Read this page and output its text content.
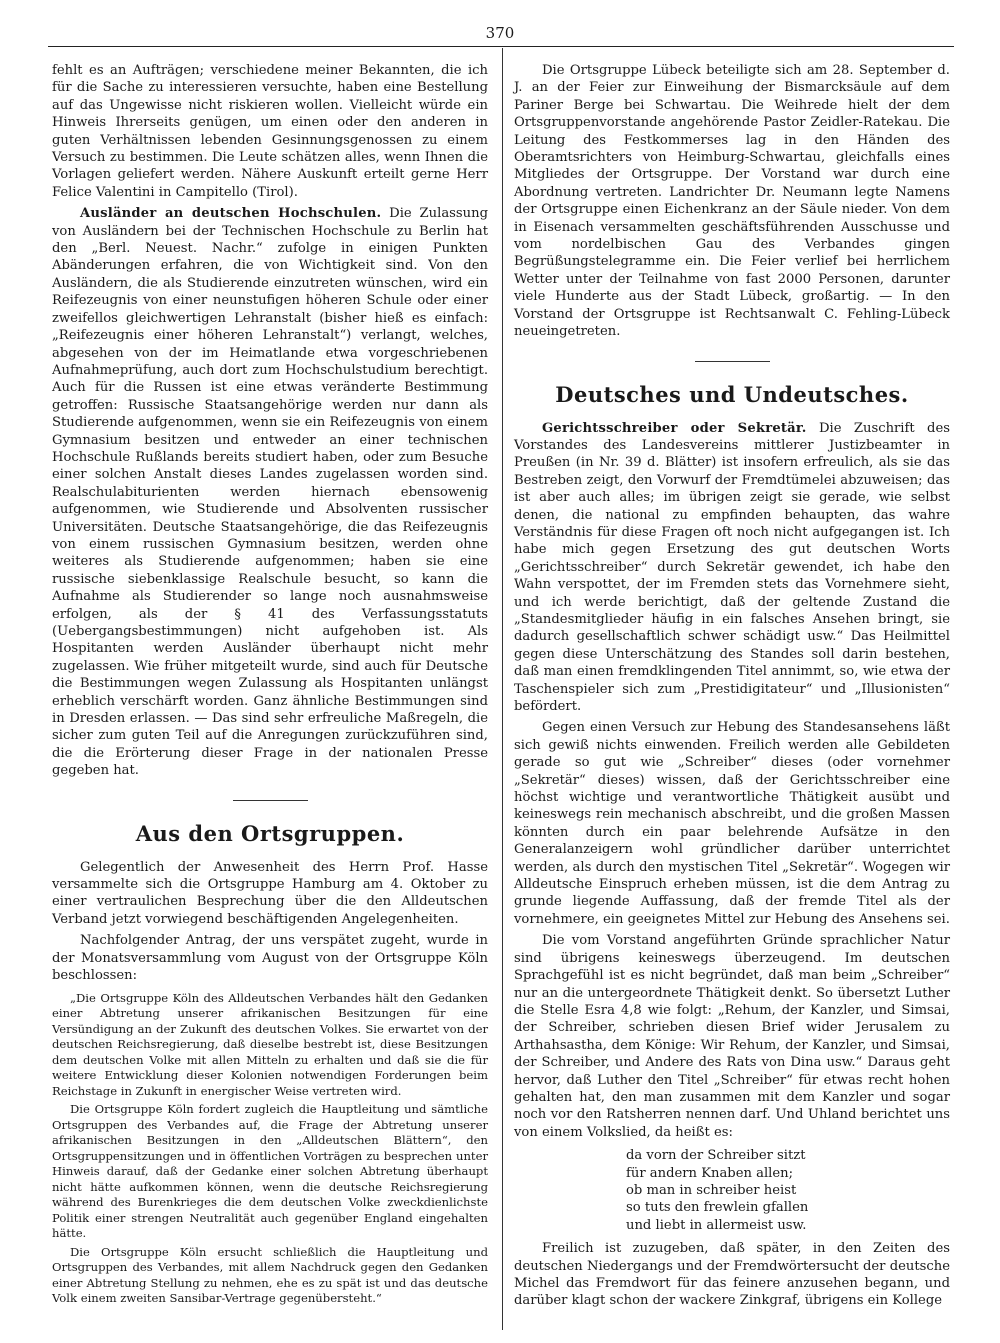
370

fehlt es an Aufträgen; verschiedene meiner Bekannten, die ich für die Sache zu interessieren versuchte, haben eine Bestellung auf das Ungewisse nicht riskieren wollen. Vielleicht würde ein Hinweis Ihrerseits genügen, um einen oder den anderen in guten Verhältnissen lebenden Gesinnungsgenossen zu einem Versuch zu bestimmen. Die Leute schätzen alles, wenn Ihnen die Vorlagen geliefert werden. Nähere Auskunft erteilt gerne Herr Felice Valentini in Campitello (Tirol).

Ausländer an deutschen Hochschulen. Die Zulassung von Ausländern bei der Technischen Hochschule zu Berlin hat den „Berl. Neuest. Nachr.“ zufolge in einigen Punkten Abänderungen erfahren, die von Wichtigkeit sind. Von den Ausländern, die als Studierende einzutreten wünschen, wird ein Reifezeugnis von einer neunstufigen höheren Schule oder einer zweifellos gleichwertigen Lehranstalt (bisher hieß es einfach: „Reifezeugnis einer höheren Lehranstalt“) verlangt, welches, abgesehen von der im Heimatlande etwa vorgeschriebenen Aufnahmeprüfung, auch dort zum Hochschulstudium berechtigt. Auch für die Russen ist eine etwas veränderte Bestimmung getroffen: Russische Staatsangehörige werden nur dann als Studierende aufgenommen, wenn sie ein Reifezeugnis von einem Gymnasium besitzen und entweder an einer technischen Hochschule Rußlands bereits studiert haben, oder zum Besuche einer solchen Anstalt dieses Landes zugelassen worden sind. Realschulabiturienten werden hiernach ebensowenig aufgenommen, wie Studierende und Absolventen russischer Universitäten. Deutsche Staatsangehörige, die das Reifezeugnis von einem russischen Gymnasium besitzen, werden ohne weiteres als Studierende aufgenommen; haben sie eine russische siebenklassige Realschule besucht, so kann die Aufnahme als Studierender so lange noch ausnahmsweise erfolgen, als der § 41 des Verfassungsstatuts (Uebergangsbestimmungen) nicht aufgehoben ist. Als Hospitanten werden Ausländer überhaupt nicht mehr zugelassen. Wie früher mitgeteilt wurde, sind auch für Deutsche die Bestimmungen wegen Zulassung als Hospitanten unlängst erheblich verschärft worden. Ganz ähnliche Bestimmungen sind in Dresden erlassen. — Das sind sehr erfreuliche Maßregeln, die sicher zum guten Teil auf die Anregungen zurückzuführen sind, die die Erörterung dieser Frage in der nationalen Presse gegeben hat.

Aus den Ortsgruppen.

Gelegentlich der Anwesenheit des Herrn Prof. Hasse versammelte sich die Ortsgruppe Hamburg am 4. Oktober zu einer vertraulichen Besprechung über die den Alldeutschen Verband jetzt vorwiegend beschäftigenden Angelegenheiten.

Nachfolgender Antrag, der uns verspätet zugeht, wurde in der Monatsversammlung vom August von der Ortsgruppe Köln beschlossen:

„Die Ortsgruppe Köln des Alldeutschen Verbandes hält den Gedanken einer Abtretung unserer afrikanischen Besitzungen für eine Versündigung an der Zukunft des deutschen Volkes. Sie erwartet von der deutschen Reichsregierung, daß dieselbe bestrebt ist, diese Besitzungen dem deutschen Volke mit allen Mitteln zu erhalten und daß sie die für weitere Entwicklung dieser Kolonien notwendigen Forderungen beim Reichstage in Zukunft in energischer Weise vertreten wird.

Die Ortsgruppe Köln fordert zugleich die Hauptleitung und sämtliche Ortsgruppen des Verbandes auf, die Frage der Abtretung unserer afrikanischen Besitzungen in den „Alldeutschen Blättern“, den Ortsgruppensitzungen und in öffentlichen Vorträgen zu besprechen unter Hinweis darauf, daß der Gedanke einer solchen Abtretung überhaupt nicht hätte aufkommen können, wenn die deutsche Reichsregierung während des Burenkrieges die dem deutschen Volke zweckdienlichste Politik einer strengen Neutralität auch gegenüber England eingehalten hätte.

Die Ortsgruppe Köln ersucht schließlich die Hauptleitung und Ortsgruppen des Verbandes, mit allem Nachdruck gegen den Gedanken einer Abtretung Stellung zu nehmen, ehe es zu spät ist und das deutsche Volk einem zweiten Sansibar-Vertrage gegenübersteht.“

Die Ortsgruppe Lübeck beteiligte sich am 28. September d. J. an der Feier zur Einweihung der Bismarcksäule auf dem Pariner Berge bei Schwartau. Die Weihrede hielt der dem Ortsgruppenvorstande angehörende Pastor Zeidler-Ratekau. Die Leitung des Festkommerses lag in den Händen des Oberamtsrichters von Heimburg-Schwartau, gleichfalls eines Mitgliedes der Ortsgruppe. Der Vorstand war durch eine Abordnung vertreten. Landrichter Dr. Neumann legte Namens der Ortsgruppe einen Eichenkranz an der Säule nieder. Von dem in Eisenach versammelten geschäftsführenden Ausschusse und vom nordelbischen Gau des Verbandes gingen Begrüßungstelegramme ein. Die Feier verlief bei herrlichem Wetter unter der Teilnahme von fast 2000 Personen, darunter viele Hunderte aus der Stadt Lübeck, großartig. — In den Vorstand der Ortsgruppe ist Rechtsanwalt C. Fehling-Lübeck neueingetreten.

Deutsches und Undeutsches.

Gerichtsschreiber oder Sekretär. Die Zuschrift des Vorstandes des Landesvereins mittlerer Justizbeamter in Preußen (in Nr. 39 d. Blätter) ist insofern erfreulich, als sie das Bestreben zeigt, den Vorwurf der Fremdtümelei abzuweisen; das ist aber auch alles; im übrigen zeigt sie gerade, wie selbst denen, die national zu empfinden behaupten, das wahre Verständnis für diese Fragen oft noch nicht aufgegangen ist. Ich habe mich gegen Ersetzung des gut deutschen Worts „Gerichtsschreiber“ durch Sekretär gewendet, ich habe den Wahn verspottet, der im Fremden stets das Vornehmere sieht, und ich werde berichtigt, daß der geltende Zustand die „Standesmitglieder häufig in ein falsches Ansehen bringt, sie dadurch gesellschaftlich schwer schädigt usw.“ Das Heilmittel gegen diese Unterschätzung des Standes soll darin bestehen, daß man einen fremdklingenden Titel annimmt, so, wie etwa der Taschenspieler sich zum „Prestidigitateur“ und „Illusionisten“ befördert.

Gegen einen Versuch zur Hebung des Standesansehens läßt sich gewiß nichts einwenden. Freilich werden alle Gebildeten gerade so gut wie „Schreiber“ dieses (oder vornehmer „Sekretär“ dieses) wissen, daß der Gerichtsschreiber eine höchst wichtige und verantwortliche Thätigkeit ausübt und keineswegs rein mechanisch abschreibt, und die großen Massen könnten durch ein paar belehrende Aufsätze in den Generalanzeigern wohl gründlicher darüber unterrichtet werden, als durch den mystischen Titel „Sekretär“. Wogegen wir Alldeutsche Einspruch erheben müssen, ist die dem Antrag zu grunde liegende Auffassung, daß der fremde Titel als der vornehmere, ein geeignetes Mittel zur Hebung des Ansehens sei.

Die vom Vorstand angeführten Gründe sprachlicher Natur sind übrigens keineswegs überzeugend. Im deutschen Sprachgefühl ist es nicht begründet, daß man beim „Schreiber“ nur an die untergeordnete Thätigkeit denkt. So übersetzt Luther die Stelle Esra 4,8 wie folgt: „Rehum, der Kanzler, und Simsai, der Schreiber, schrieben diesen Brief wider Jerusalem zu Arthahsastha, dem Könige: Wir Rehum, der Kanzler, und Simsai, der Schreiber, und Andere des Rats von Dina usw.“ Daraus geht hervor, daß Luther den Titel „Schreiber“ für etwas recht hohen gehalten hat, den man zusammen mit dem Kanzler und sogar noch vor den Ratsherren nennen darf. Und Uhland berichtet uns von einem Volkslied, da heißt es:

da vorn der Schreiber sitzt
für andern Knaben allen;
ob man in schreiber heist
so tuts den frewlein gfallen
und liebt in allermeist usw.

Freilich ist zuzugeben, daß später, in den Zeiten des deutschen Niedergangs und der Fremdwörtersucht der deutsche Michel das Fremdwort für das feinere anzusehen begann, und darüber klagt schon der wackere Zinkgraf, übrigens ein Kollege
